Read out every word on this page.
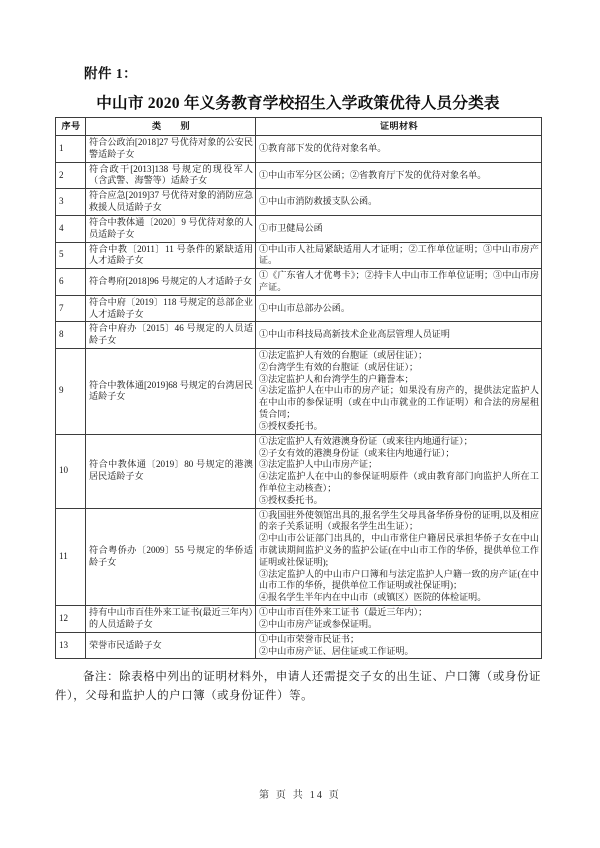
附件 1：
中山市 2020 年义务教育学校招生入学政策优待人员分类表
序号	类　　别	证明材料
1	符合公政治[2018]27 号优待对象的公安民警适龄子女	①教育部下发的优待对象名单。

2	符合政干[2013]138 号规定的现役军人（含武警、海警等）适龄子女	①中山市军分区公函；②省教育厅下发的优待对象名单。

3	符合应急[2019]37 号优待对象的消防应急救援人员适龄子女	①中山市消防救援支队公函。

4	符合中教体通〔2020〕9 号优待对象的人员适龄子女	①市卫健局公函

5	符合中教〔2011〕11 号条件的紧缺适用人才适龄子女	①中山市人社局紧缺适用人才证明；②工作单位证明；③中山市房产证。

6	符合粤府[2018]96 号规定的人才适龄子女	①《广东省人才优粤卡》；②持卡人中山市工作单位证明；③中山市房产证。

7	符合中府〔2019〕118 号规定的总部企业人才适龄子女	①中山市总部办公函。

8	符合中府办〔2015〕46 号规定的人员适龄子女	①中山市科技局高新技术企业高层管理人员证明

9	符合中教体通[2019]68 号规定的台湾居民适龄子女	①法定监护人有效的台胞证（或居住证）；
②台湾学生有效的台胞证（或居住证）；
③法定监护人和台湾学生的户籍誊本；
④法定监护人在中山市的房产证；如果没有房产的，提供法定监护人在中山市的参保证明（或在中山市就业的工作证明）和合法的房屋租赁合同；
⑤授权委托书。

10	符合中教体通〔2019〕80 号规定的港澳居民适龄子女	①法定监护人有效港澳身份证（或来往内地通行证）；
②子女有效的港澳身份证（或来往内地通行证）；
③法定监护人中山市房产证；
④法定监护人在中山的参保证明原件（或由教育部门向监护人所在工作单位主动核查）；
⑤授权委托书。

11	符合粤侨办〔2009〕55 号规定的华侨适龄子女	①我国驻外使领馆出具的,报名学生父母具备华侨身份的证明,以及相应的亲子关系证明（或报名学生出生证）；
②中山市公证部门出具的，中山市常住户籍居民承担华侨子女在中山市就读期间监护义务的监护公证(在中山市工作的华侨，提供单位工作证明或社保证明);
③法定监护人的中山市户口簿和与法定监护人户籍一致的房产证(在中山市工作的华侨，提供单位工作证明或社保证明)；
④报名学生半年内在中山市（或镇区）医院的体检证明。

12	持有中山市百佳外来工证书(最近三年内）的人员适龄子女	①中山市百佳外来工证书（最近三年内）；
②中山市房产证或参保证明。

13	荣誉市民适龄子女	①中山市荣誉市民证书；
②中山市房产证、居住证或工作证明。

备注：除表格中列出的证明材料外，申请人还需提交子女的出生证、户口簿（或身份证件），父母和监护人的户口簿（或身份证件）等。

第 页 共 14 页
